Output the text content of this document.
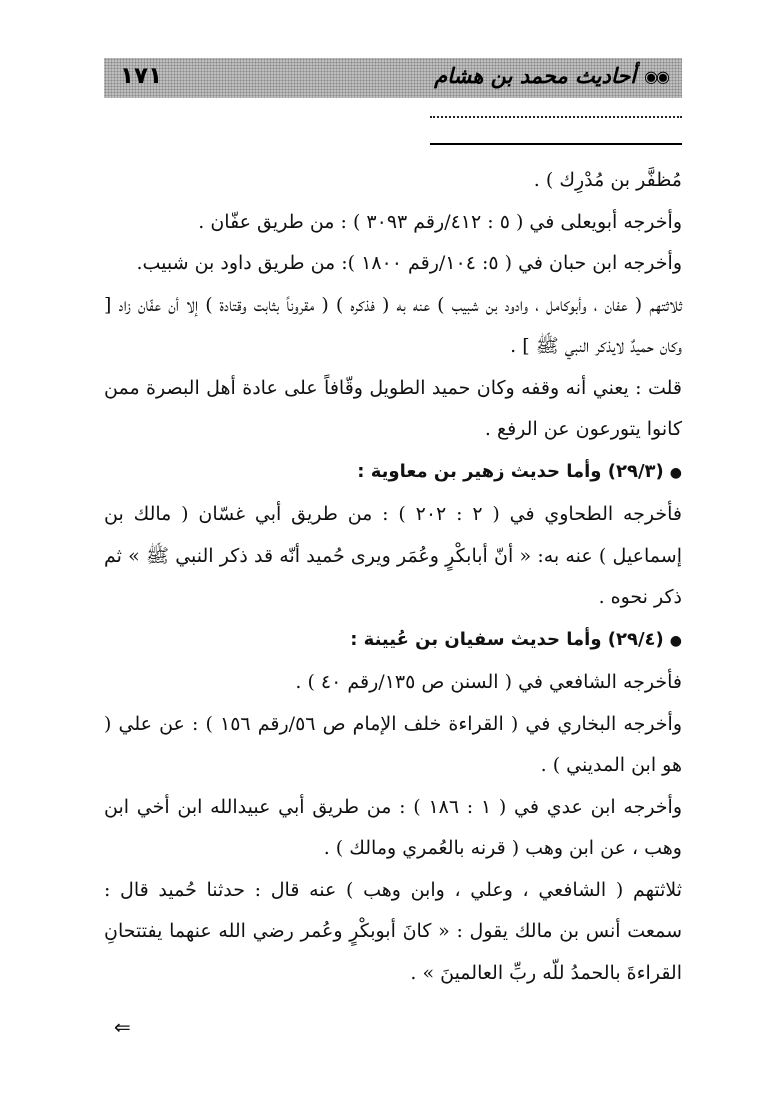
◉◉
أحاديث محمد بن هشام
١٧١

مُظفَّر بن مُدْرِك ) .

وأخرجه أبويعلى في ( ٥ : ٤١٢/رقم ٣٠٩٣ ) : من طريق عفّان .

وأخرجه ابن حبان في ( ٥: ١٠٤/رقم ١٨٠٠ ): من طريق داود بن شبيب.

ثلاثتهم ( عفان ، وأبوكامل ، وادود بن شبيب ) عنه به ( فذكره ) ( مقروناً بثابت وقتادة ) إلا أن عفّان زاد [ وكان حميدٌ لايذكر النبي ﷺ ] .

قلت : يعني أنه وقفه وكان حميد الطويل وقّافاً على عادة أهل البصرة ممن كانوا يتورعون عن الرفع .

●(٢٩/٣) وأما حديث زهير بن معاوية :

فأخرجه الطحاوي في ( ٢ : ٢٠٢ ) : من طريق أبي غسّان ( مالك بن إسماعيل ) عنه به: « أنّ أبابكْرٍ وعُمَر ويرى حُميد أنّه قد ذكر النبي ﷺ » ثم ذكر نحوه .

●(٢٩/٤) وأما حديث سفيان بن عُيينة :

فأخرجه الشافعي في ( السنن ص ١٣٥/رقم ٤٠ ) .

وأخرجه البخاري في ( القراءة خلف الإمام ص ٥٦/رقم ١٥٦ ) : عن علي ( هو ابن المديني ) .

وأخرجه ابن عدي في ( ١ : ١٨٦ ) : من طريق أبي عبيدالله ابن أخي ابن وهب ، عن ابن وهب ( قرنه بالعُمري ومالك ) .

ثلاثتهم ( الشافعي ، وعلي ، وابن وهب ) عنه قال : حدثنا حُميد قال : سمعت أنس بن مالك يقول : « كانَ أبوبكْرٍ وعُمر رضي الله عنهما يفتتحانِ القراءةَ بالحمدُ للّه ربِّ العالمينَ » .

⇐
